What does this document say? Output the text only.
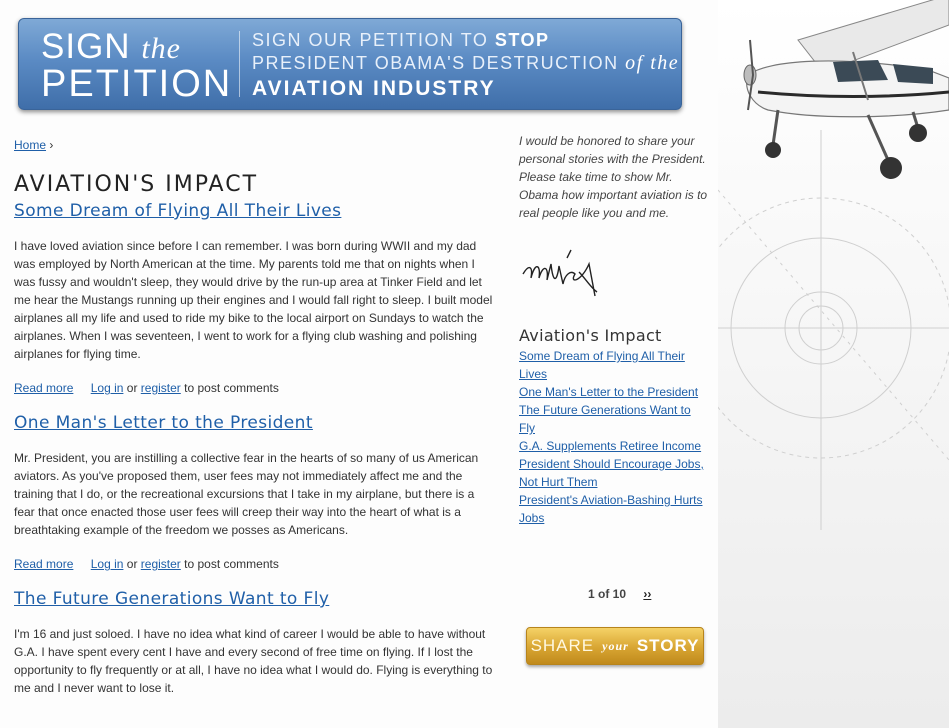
SIGN the
PETITION
SIGN OUR PETITION TO STOP
PRESIDENT OBAMA'S DESTRUCTION of the
AVIATION INDUSTRY
Home ›
AVIATION'S IMPACT
Some Dream of Flying All Their Lives

I have loved aviation since before I can remember. I was born during WWII and my dad was employed by North American at the time. My parents told me that on nights when I was fussy and wouldn't sleep, they would drive by the run-up area at Tinker Field and let me hear the Mustangs running up their engines and I would fall right to sleep. I built model airplanes all my life and used to ride my bike to the local airport on Sundays to watch the airplanes. When I was seventeen, I went to work for a flying club washing and polishing airplanes for flying time.

Read more Log in or register to post comments
One Man's Letter to the President

Mr. President, you are instilling a collective fear in the hearts of so many of us American aviators. As you've proposed them, user fees may not immediately affect me and the training that I do, or the recreational excursions that I take in my airplane, but there is a fear that once enacted those user fees will creep their way into the heart of what is a breathtaking example of the freedom we posses as Americans.

Read more Log in or register to post comments
The Future Generations Want to Fly

I'm 16 and just soloed. I have no idea what kind of career I would be able to have without G.A. I have spent every cent I have and every second of free time on flying. If I lost the opportunity to fly frequently or at all, I have no idea what I would do. Flying is everything to me and I never want to lose it.

I would be honored to share your personal stories with the President. Please take time to show Mr. Obama how important aviation is to real people like you and me.
Aviation's Impact
Some Dream of Flying All Their Lives
One Man's Letter to the President
The Future Generations Want to Fly
G.A. Supplements Retiree Income
President Should Encourage Jobs, Not Hurt Them
President's Aviation-Bashing Hurts Jobs
1 of 10 ››
SHARE your STORY
